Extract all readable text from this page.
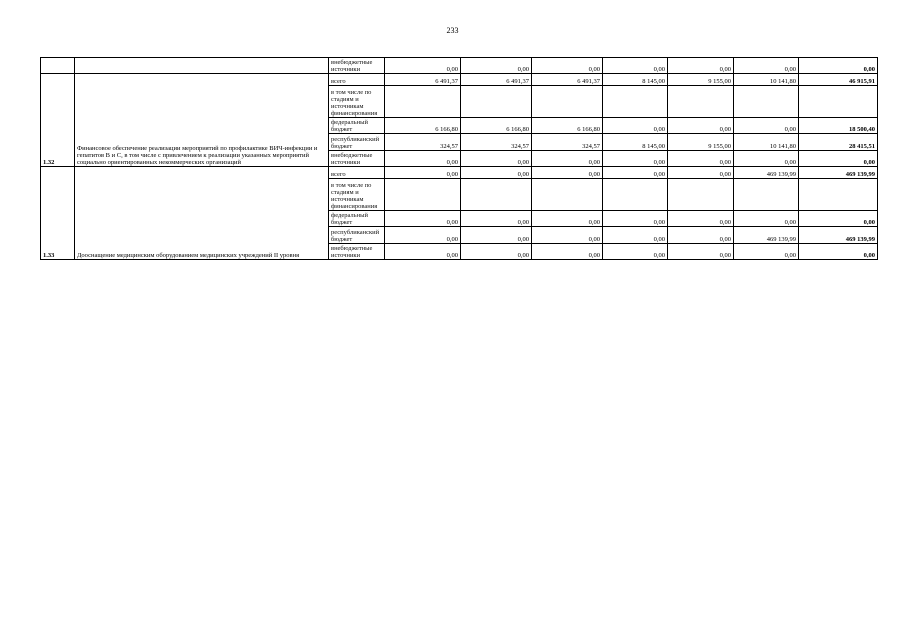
233
		внебюджетные источники	0,00	0,00	0,00	0,00	0,00	0,00	0,00
1.32	Финансовое обеспечение реализации мероприятий по профилактике ВИЧ-инфекции и гепатитов В и С, в том числе с привлечением к реализации указанных мероприятий социально ориентированных некоммерческих организаций	всего	6 491,37	6 491,37	6 491,37	8 145,00	9 155,00	10 141,80	46 915,91
		в том числе по стадиям и источникам финансирования							
		федеральный бюджет	6 166,80	6 166,80	6 166,80	0,00	0,00	0,00	18 500,40
		республиканский бюджет	324,57	324,57	324,57	8 145,00	9 155,00	10 141,80	28 415,51
		внебюджетные источники	0,00	0,00	0,00	0,00	0,00	0,00	0,00
1.33	Дооснащение медицинским оборудованием медицинских учреждений II уровня	всего	0,00	0,00	0,00	0,00	0,00	469 139,99	469 139,99
		в том числе по стадиям и источникам финансирования							
		федеральный бюджет	0,00	0,00	0,00	0,00	0,00	0,00	0,00
		республиканский бюджет	0,00	0,00	0,00	0,00	0,00	469 139,99	469 139,99
		внебюджетные источники	0,00	0,00	0,00	0,00	0,00	0,00	0,00
